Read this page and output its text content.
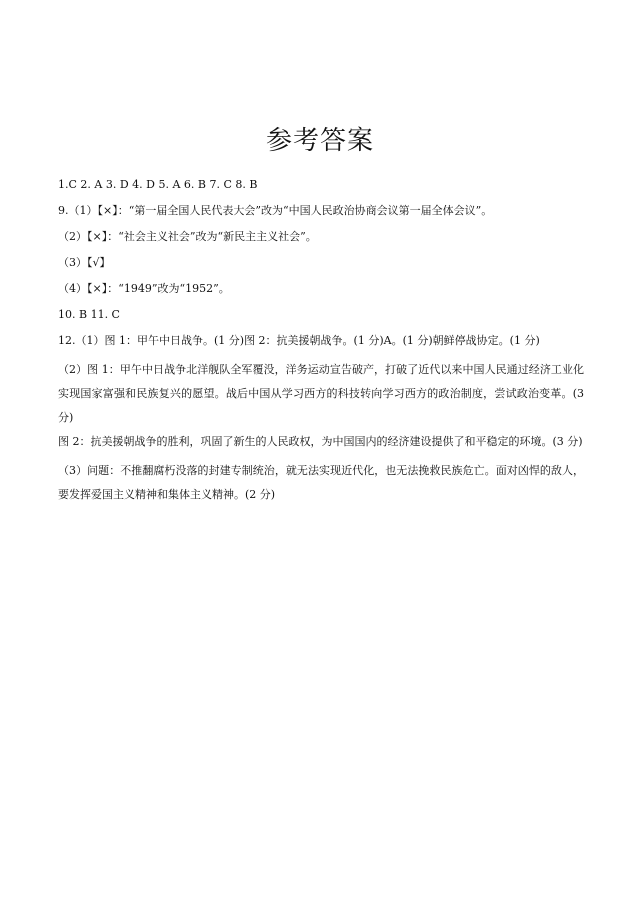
参考答案
1.C 2. A 3. D 4. D 5. A 6. B 7. C 8. B
9.（1）【×】：“第一届全国人民代表大会”改为“中国人民政治协商会议第一届全体会议”。
（2）【×】：“社会主义社会”改为“新民主主义社会”。
（3）【√】
（4）【×】：“1949”改为“1952”。
10. B 11. C
12.（1）图 1：甲午中日战争。(1 分)图 2：抗美援朝战争。(1 分)A。(1 分)朝鲜停战协定。(1 分)
（2）图 1：甲午中日战争北洋舰队全军覆没，洋务运动宣告破产，打破了近代以来中国人民通过经济工业化实现国家富强和民族复兴的愿望。战后中国从学习西方的科技转向学习西方的政治制度，尝试政治变革。(3 分)
图 2：抗美援朝战争的胜利，巩固了新生的人民政权，为中国国内的经济建设提供了和平稳定的环境。(3 分)
（3）问题：不推翻腐朽没落的封建专制统治，就无法实现近代化，也无法挽救民族危亡。面对凶悍的敌人，要发挥爱国主义精神和集体主义精神。(2 分)
